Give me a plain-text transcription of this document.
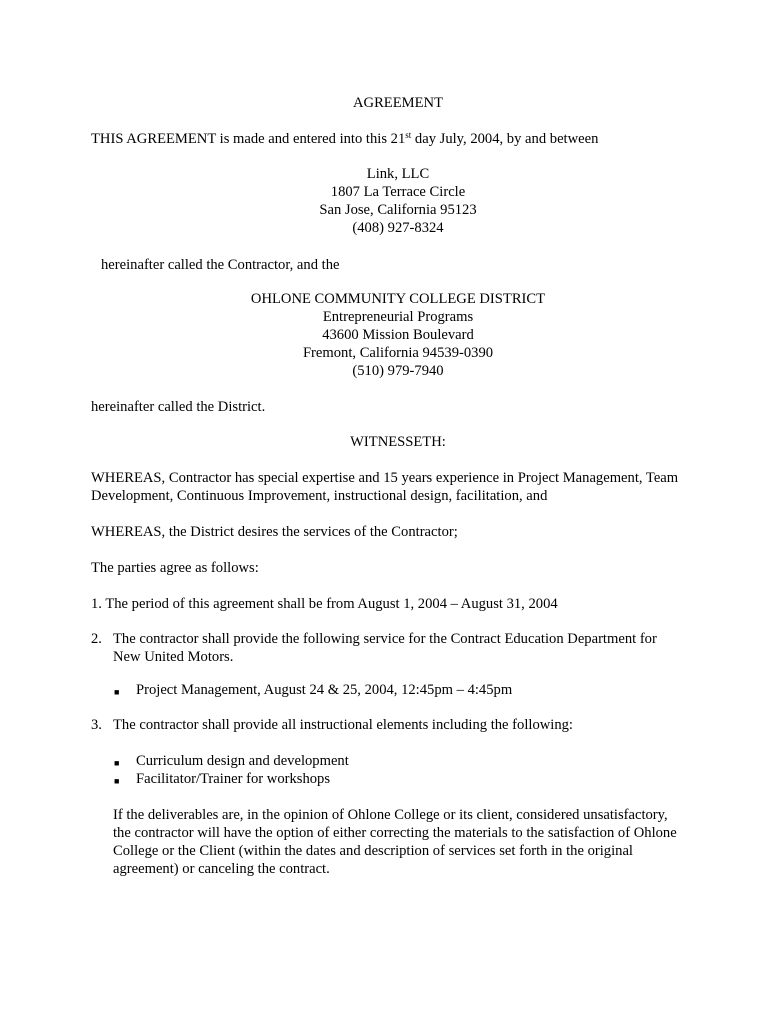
AGREEMENT
THIS AGREEMENT is made and entered into this 21st day July, 2004, by and between
Link, LLC
1807 La Terrace Circle
San Jose, California 95123
(408) 927-8324
hereinafter called the Contractor, and the
OHLONE COMMUNITY COLLEGE DISTRICT
Entrepreneurial Programs
43600 Mission Boulevard
Fremont, California 94539-0390
(510) 979-7940
hereinafter called the District.
WITNESSETH:
WHEREAS, Contractor has special expertise and 15 years experience in Project Management, Team
Development, Continuous Improvement, instructional design, facilitation, and
WHEREAS, the District desires the services of the Contractor;
The parties agree as follows:
1. The period of this agreement shall be from August 1, 2004 – August 31, 2004
2. The contractor shall provide the following service for the Contract Education Department for
New United Motors.
■ Project Management, August 24 & 25, 2004, 12:45pm – 4:45pm
3. The contractor shall provide all instructional elements including the following:
■ Curriculum design and development
■ Facilitator/Trainer for workshops
If the deliverables are, in the opinion of Ohlone College or its client, considered unsatisfactory,
the contractor will have the option of either correcting the materials to the satisfaction of Ohlone
College or the Client (within the dates and description of services set forth in the original
agreement) or canceling the contract.
